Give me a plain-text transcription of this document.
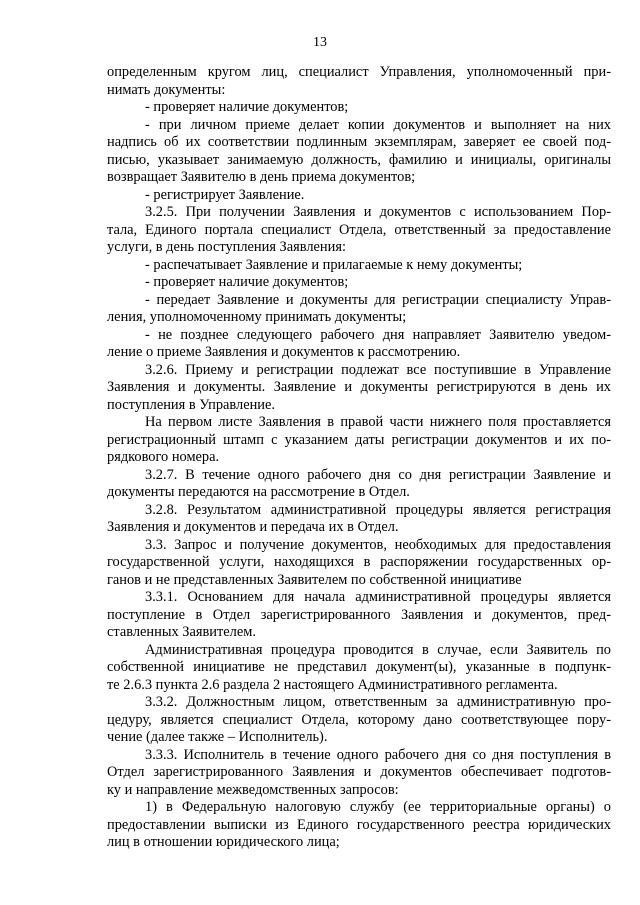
13
определенным кругом лиц, специалист Управления, уполномоченный при-
нимать документы:
- проверяет наличие документов;
- при личном приеме делает копии документов и выполняет на них
надпись об их соответствии подлинным экземплярам, заверяет ее своей под-
писью, указывает занимаемую должность, фамилию и инициалы, оригиналы
возвращает Заявителю в день приема документов;
- регистрирует Заявление.
3.2.5. При получении Заявления и документов с использованием Пор-
тала, Единого портала специалист Отдела, ответственный за предоставление
услуги, в день поступления Заявления:
- распечатывает Заявление и прилагаемые к нему документы;
- проверяет наличие документов;
- передает Заявление и документы для регистрации специалисту Управ-
ления, уполномоченному принимать документы;
- не позднее следующего рабочего дня направляет Заявителю уведом-
ление о приеме Заявления и документов к рассмотрению.
3.2.6. Приему и регистрации подлежат все поступившие в Управление
Заявления и документы. Заявление и документы регистрируются в день их
поступления в Управление.
На первом листе Заявления в правой части нижнего поля проставляется
регистрационный штамп с указанием даты регистрации документов и их по-
рядкового номера.
3.2.7. В течение одного рабочего дня со дня регистрации Заявление и
документы передаются на рассмотрение в Отдел.
3.2.8. Результатом административной процедуры является регистрация
Заявления и документов и передача их в Отдел.
3.3. Запрос и получение документов, необходимых для предоставления
государственной услуги, находящихся в распоряжении государственных ор-
ганов и не представленных Заявителем по собственной инициативе
3.3.1. Основанием для начала административной процедуры является
поступление в Отдел зарегистрированного Заявления и документов, пред-
ставленных Заявителем.
Административная процедура проводится в случае, если Заявитель по
собственной инициативе не представил документ(ы), указанные в подпунк-
те 2.6.3 пункта 2.6 раздела 2 настоящего Административного регламента.
3.3.2. Должностным лицом, ответственным за административную про-
цедуру, является специалист Отдела, которому дано соответствующее пору-
чение (далее также – Исполнитель).
3.3.3. Исполнитель в течение одного рабочего дня со дня поступления в
Отдел зарегистрированного Заявления и документов обеспечивает подготов-
ку и направление межведомственных запросов:
1) в Федеральную налоговую службу (ее территориальные органы) о
предоставлении выписки из Единого государственного реестра юридических
лиц в отношении юридического лица;
